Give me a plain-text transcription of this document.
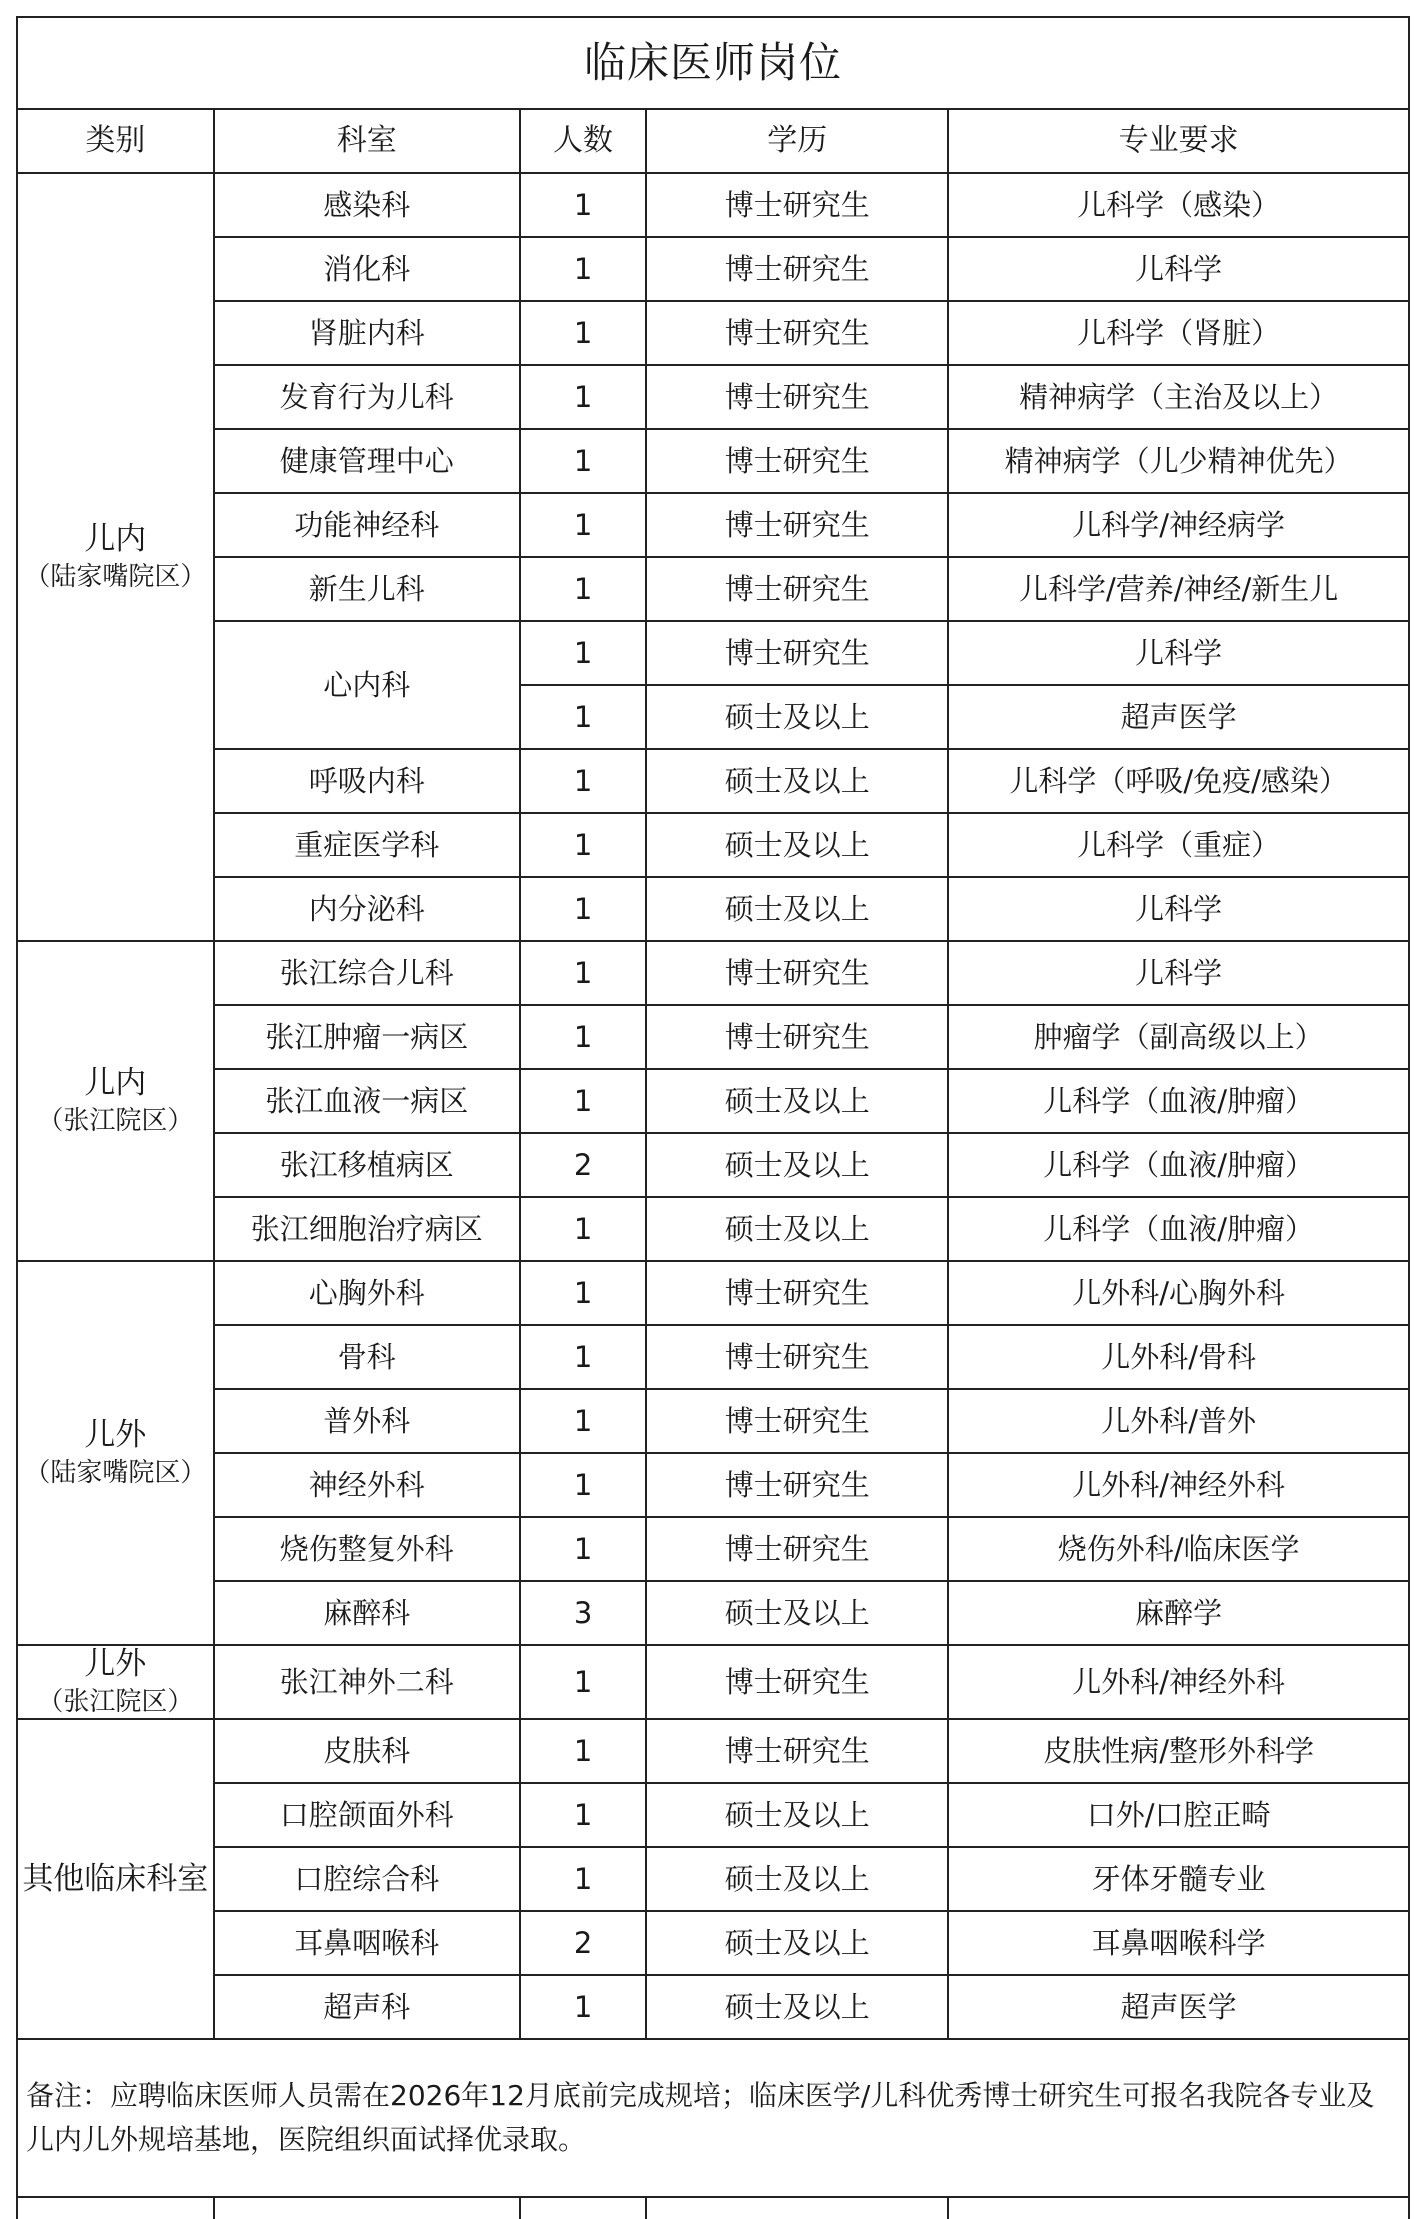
临床医师岗位				
类别	科室	人数	学历	专业要求

儿内
（陆家嘴院区）	感染科	1	博士研究生	儿科学（感染）
	消化科	1	博士研究生	儿科学
	肾脏内科	1	博士研究生	儿科学（肾脏）
	发育行为儿科	1	博士研究生	精神病学（主治及以上）
	健康管理中心	1	博士研究生	精神病学（儿少精神优先）
	功能神经科	1	博士研究生	儿科学/神经病学
	新生儿科	1	博士研究生	儿科学/营养/神经/新生儿
	心内科	1	博士研究生	儿科学
		1	硕士及以上	超声医学
	呼吸内科	1	硕士及以上	儿科学（呼吸/免疫/感染）
	重症医学科	1	硕士及以上	儿科学（重症）
	内分泌科	1	硕士及以上	儿科学

儿内
（张江院区）	张江综合儿科	1	博士研究生	儿科学
	张江肿瘤一病区	1	博士研究生	肿瘤学（副高级以上）
	张江血液一病区	1	硕士及以上	儿科学（血液/肿瘤）
	张江移植病区	2	硕士及以上	儿科学（血液/肿瘤）
	张江细胞治疗病区	1	硕士及以上	儿科学（血液/肿瘤）

儿外
（陆家嘴院区）	心胸外科	1	博士研究生	儿外科/心胸外科
	骨科	1	博士研究生	儿外科/骨科
	普外科	1	博士研究生	儿外科/普外
	神经外科	1	博士研究生	儿外科/神经外科
	烧伤整复外科	1	博士研究生	烧伤外科/临床医学
	麻醉科	3	硕士及以上	麻醉学

儿外
（张江院区）	张江神外二科	1	博士研究生	儿外科/神经外科

其他临床科室	皮肤科	1	博士研究生	皮肤性病/整形外科学
	口腔颌面外科	1	硕士及以上	口外/口腔正畸
	口腔综合科	1	硕士及以上	牙体牙髓专业
	耳鼻咽喉科	2	硕士及以上	耳鼻咽喉科学
	超声科	1	硕士及以上	超声医学
备注：应聘临床医师人员需在2026年12月底前完成规培；临床医学/儿科优秀博士研究生可报名我院各专业及儿内儿外规培基地，医院组织面试择优录取。				
